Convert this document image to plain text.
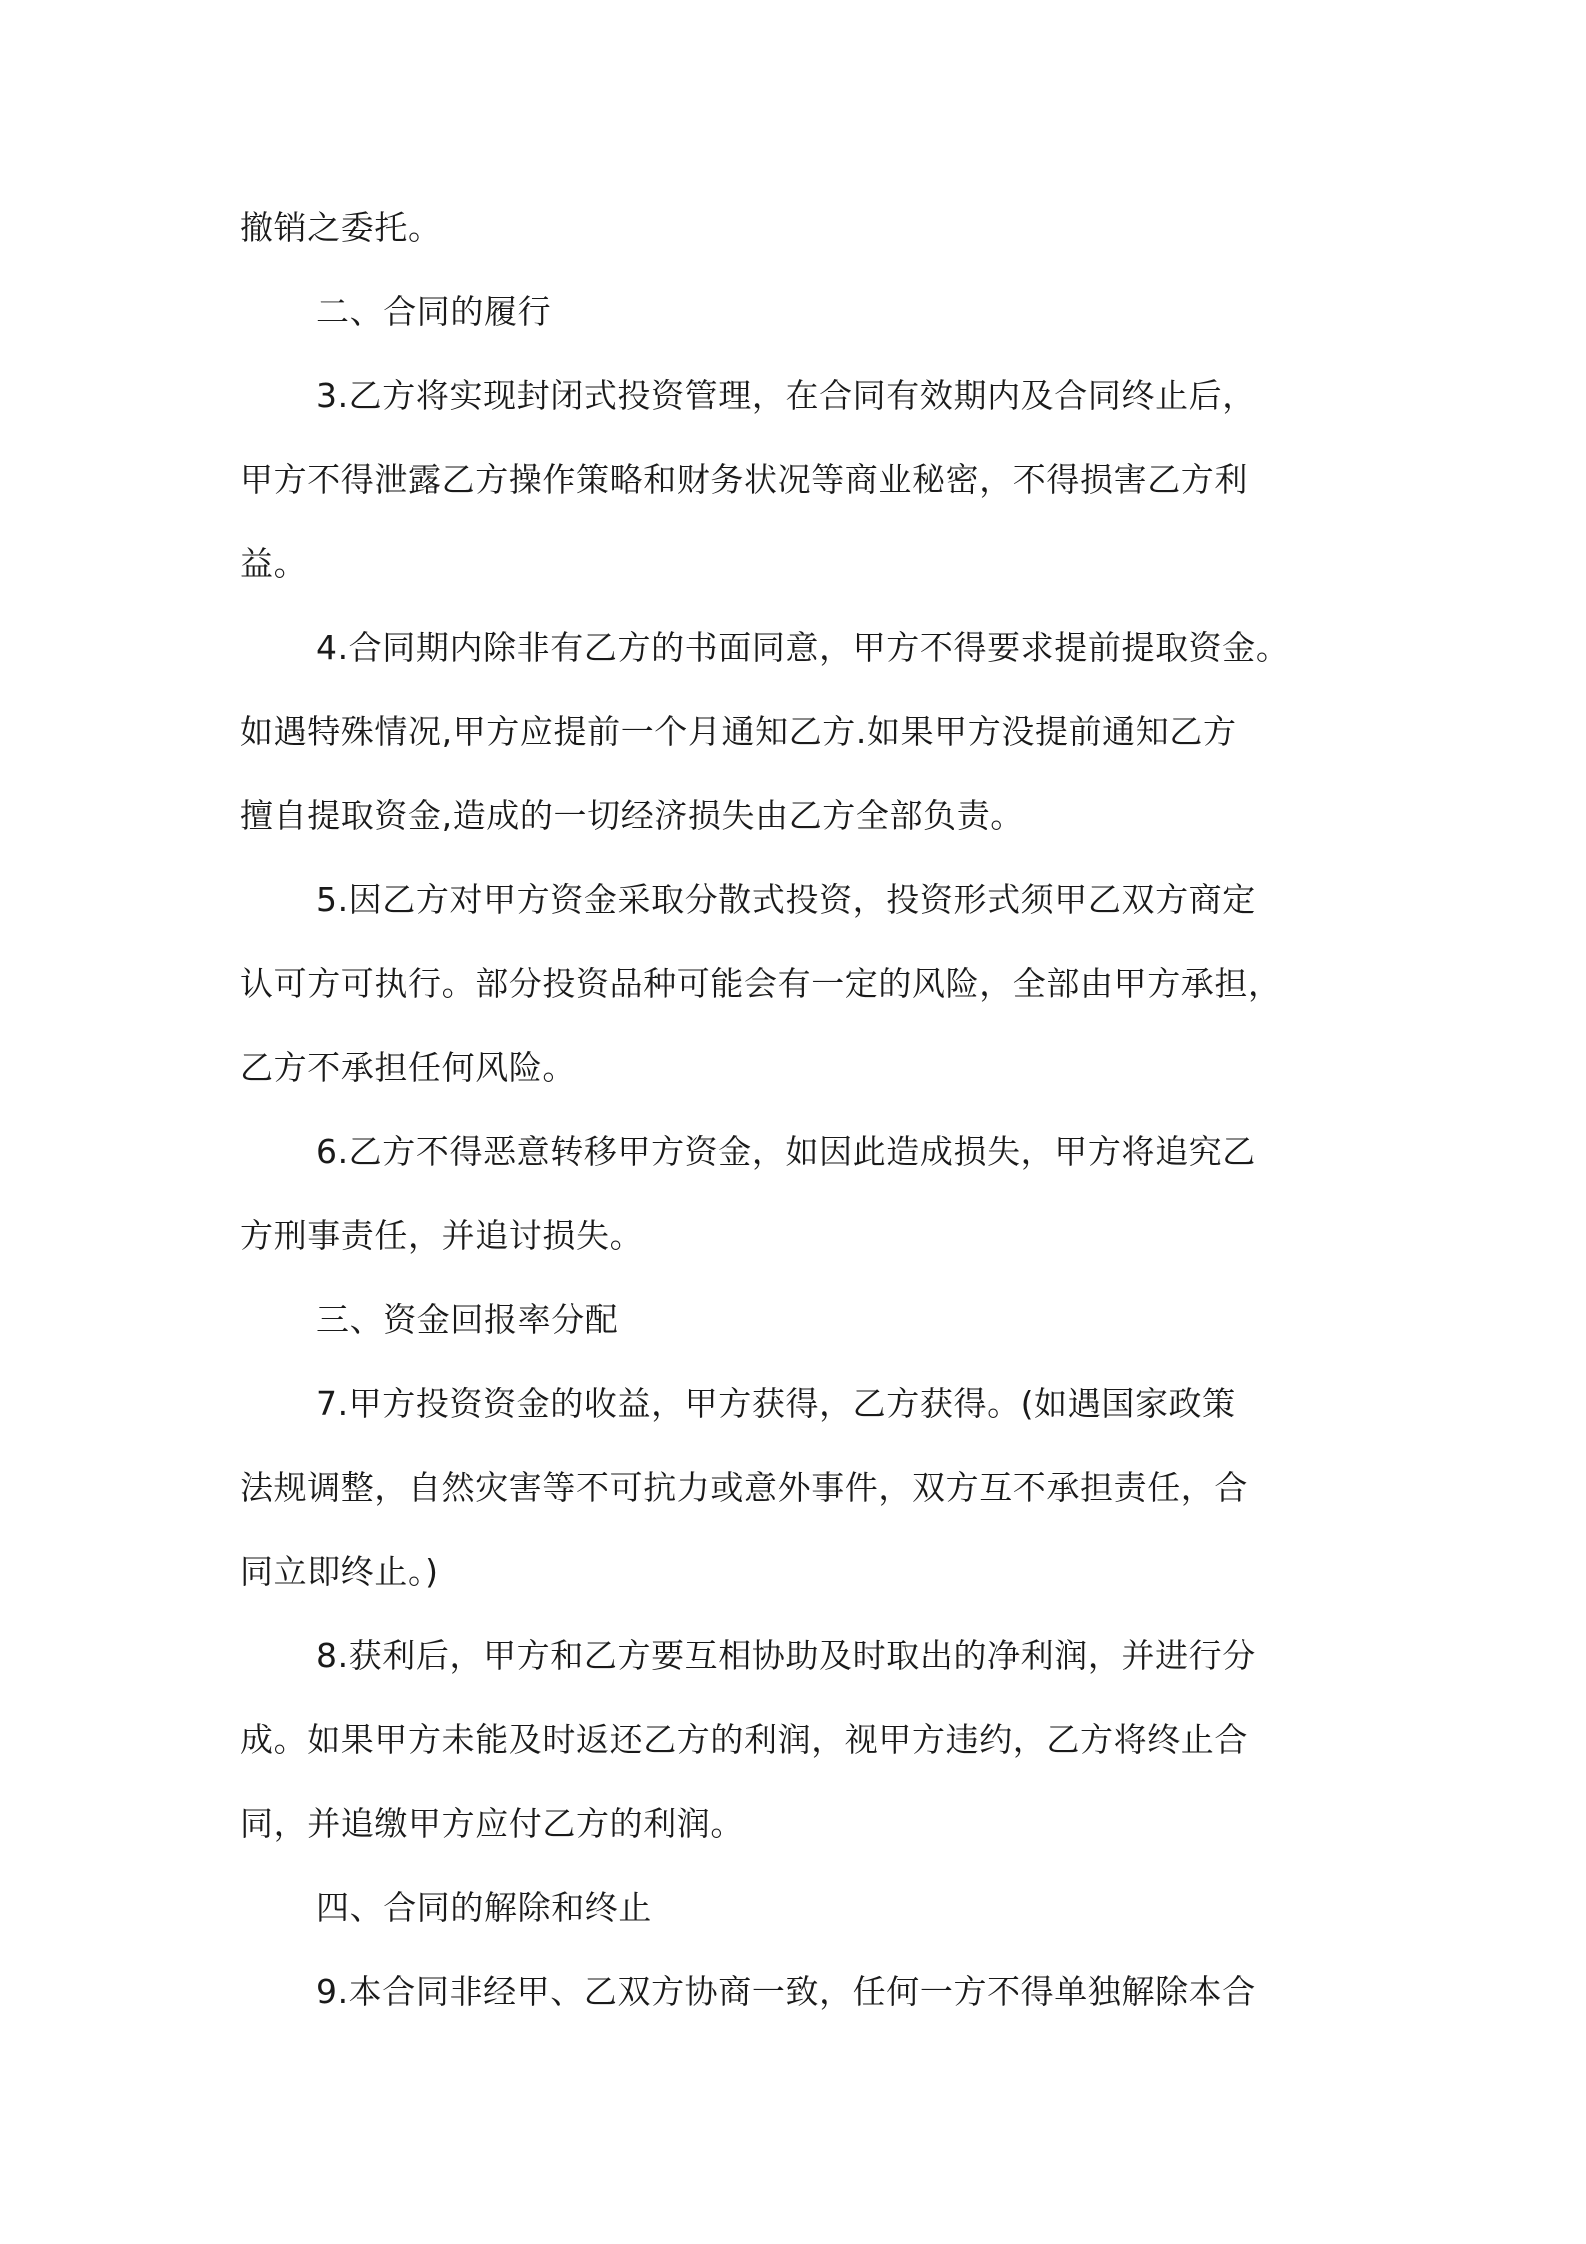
撤销之委托。
二、合同的履行
3.乙方将实现封闭式投资管理，在合同有效期内及合同终止后，
甲方不得泄露乙方操作策略和财务状况等商业秘密，不得损害乙方利
益。
4.合同期内除非有乙方的书面同意，甲方不得要求提前提取资金。
如遇特殊情况,甲方应提前一个月通知乙方.如果甲方没提前通知乙方
擅自提取资金,造成的一切经济损失由乙方全部负责。
5.因乙方对甲方资金采取分散式投资，投资形式须甲乙双方商定
认可方可执行。部分投资品种可能会有一定的风险，全部由甲方承担，
乙方不承担任何风险。
6.乙方不得恶意转移甲方资金，如因此造成损失，甲方将追究乙
方刑事责任，并追讨损失。
三、资金回报率分配
7.甲方投资资金的收益，甲方获得，乙方获得。(如遇国家政策
法规调整，自然灾害等不可抗力或意外事件，双方互不承担责任，合
同立即终止。)
8.获利后，甲方和乙方要互相协助及时取出的净利润，并进行分
成。如果甲方未能及时返还乙方的利润，视甲方违约，乙方将终止合
同，并追缴甲方应付乙方的利润。
四、合同的解除和终止
9.本合同非经甲、乙双方协商一致，任何一方不得单独解除本合
